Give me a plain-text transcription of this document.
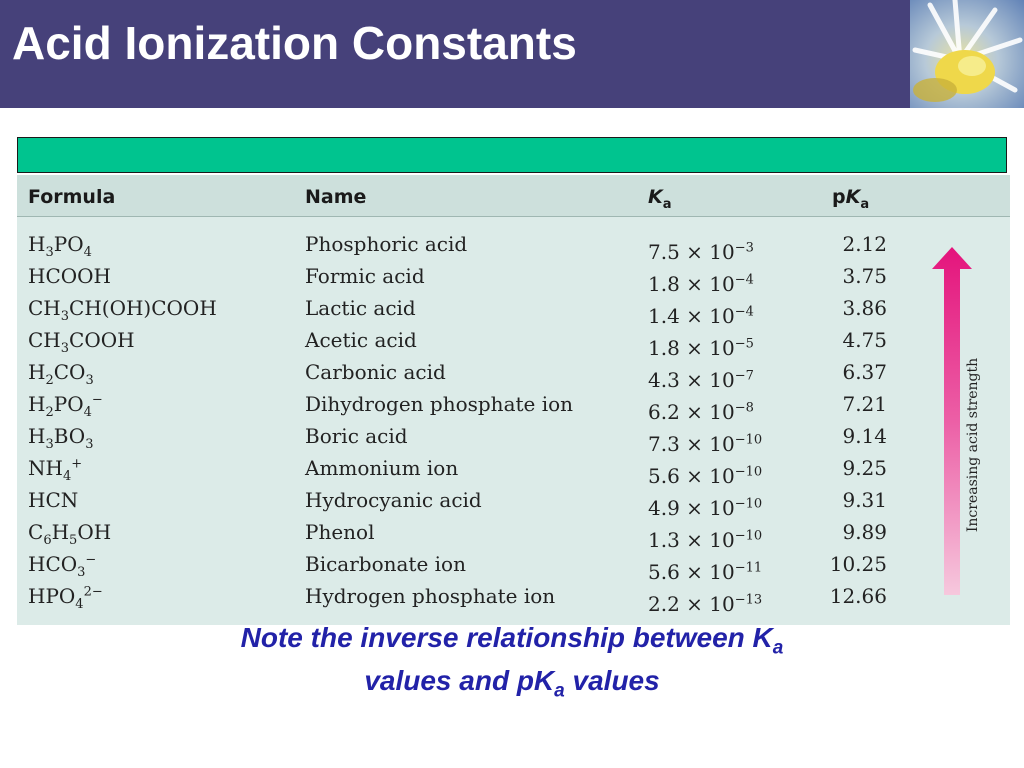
Acid Ionization Constants
Formula	Name	$K_a$	$pK_a$
$H_3PO_4$	Phosphoric acid	$7.5 \times 10^{-3}$	2.12
HCOOH	Formic acid	$1.8 \times 10^{-4}$	3.75
$CH_3CH(OH)COOH$	Lactic acid	$1.4 \times 10^{-4}$	3.86
$CH_3COOH$	Acetic acid	$1.8 \times 10^{-5}$	4.75
$H_2CO_3$	Carbonic acid	$4.3 \times 10^{-7}$	6.37
$H_2PO_4^-$	Dihydrogen phosphate ion	$6.2 \times 10^{-8}$	7.21
$H_3BO_3$	Boric acid	$7.3 \times 10^{-10}$	9.14
$NH_4^+$	Ammonium ion	$5.6 \times 10^{-10}$	9.25
HCN	Hydrocyanic acid	$4.9 \times 10^{-10}$	9.31
$C_6H_5OH$	Phenol	$1.3 \times 10^{-10}$	9.89
$HCO_3^-$	Bicarbonate ion	$5.6 \times 10^{-11}$	10.25
$HPO_4^{2-}$	Hydrogen phosphate ion	$2.2 \times 10^{-13}$	12.66
Increasing acid strength
Note the inverse relationship between $K_a$
values and $pK_a$ values
